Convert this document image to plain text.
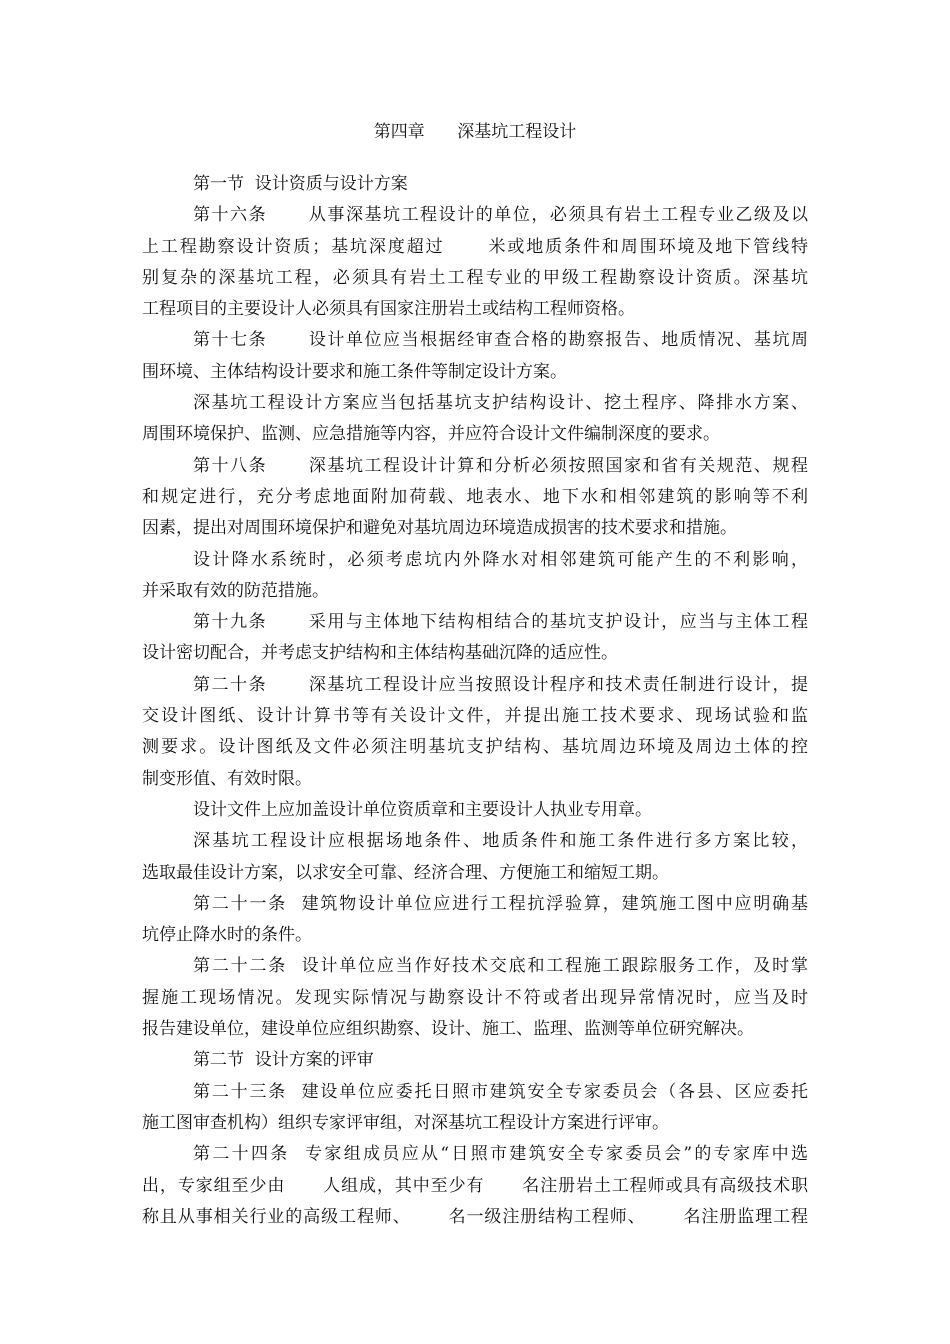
第四章      深基坑工程设计
第一节  设计资质与设计方案
第十六条      从事深基坑工程设计的单位，必须具有岩土工程专业乙级及以
上工程勘察设计资质；基坑深度超过      米或地质条件和周围环境及地下管线特
别复杂的深基坑工程，必须具有岩土工程专业的甲级工程勘察设计资质。深基坑
工程项目的主要设计人必须具有国家注册岩土或结构工程师资格。
第十七条      设计单位应当根据经审查合格的勘察报告、地质情况、基坑周
围环境、主体结构设计要求和施工条件等制定设计方案。
深基坑工程设计方案应当包括基坑支护结构设计、挖土程序、降排水方案、
周围环境保护、监测、应急措施等内容，并应符合设计文件编制深度的要求。
第十八条      深基坑工程设计计算和分析必须按照国家和省有关规范、规程
和规定进行，充分考虑地面附加荷载、地表水、地下水和相邻建筑的影响等不利
因素，提出对周围环境保护和避免对基坑周边环境造成损害的技术要求和措施。
设计降水系统时，必须考虑坑内外降水对相邻建筑可能产生的不利影响，
并采取有效的防范措施。
第十九条      采用与主体地下结构相结合的基坑支护设计，应当与主体工程
设计密切配合，并考虑支护结构和主体结构基础沉降的适应性。
第二十条      深基坑工程设计应当按照设计程序和技术责任制进行设计，提
交设计图纸、设计计算书等有关设计文件，并提出施工技术要求、现场试验和监
测要求。设计图纸及文件必须注明基坑支护结构、基坑周边环境及周边土体的控
制变形值、有效时限。
设计文件上应加盖设计单位资质章和主要设计人执业专用章。
深基坑工程设计应根据场地条件、地质条件和施工条件进行多方案比较，
选取最佳设计方案，以求安全可靠、经济合理、方便施工和缩短工期。
第二十一条  建筑物设计单位应进行工程抗浮验算，建筑施工图中应明确基
坑停止降水时的条件。
第二十二条  设计单位应当作好技术交底和工程施工跟踪服务工作，及时掌
握施工现场情况。发现实际情况与勘察设计不符或者出现异常情况时，应当及时
报告建设单位，建设单位应组织勘察、设计、施工、监理、监测等单位研究解决。
第二节  设计方案的评审
第二十三条  建设单位应委托日照市建筑安全专家委员会（各县、区应委托
施工图审查机构）组织专家评审组，对深基坑工程设计方案进行评审。
第二十四条  专家组成员应从“日照市建筑安全专家委员会”的专家库中选
出，专家组至少由      人组成，其中至少有      名注册岩土工程师或具有高级技术职
称且从事相关行业的高级工程师、      名一级注册结构工程师、      名注册监理工程
